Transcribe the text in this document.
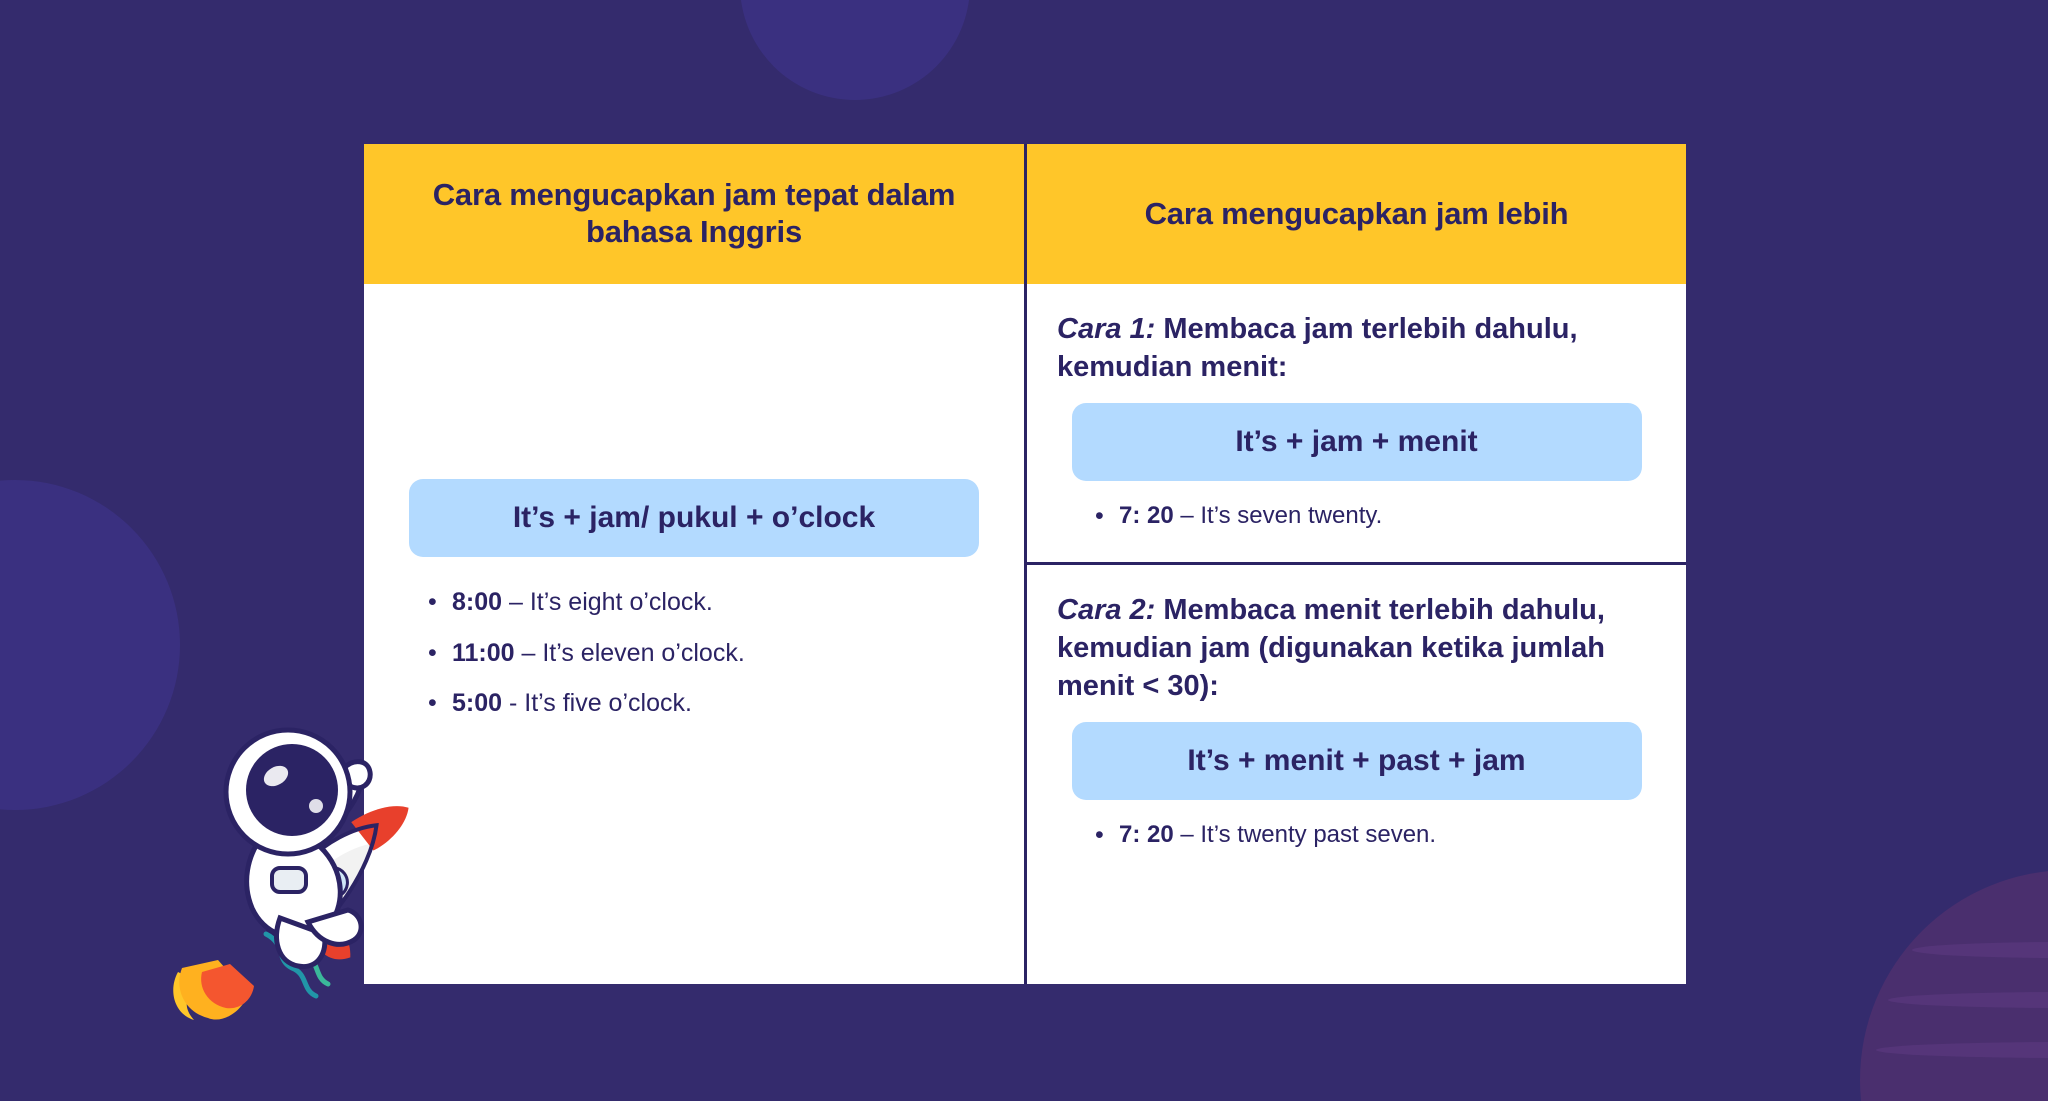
Cara mengucapkan jam tepat dalam bahasa Inggris
It’s + jam/ pukul + o’clock
• 8:00 – It’s eight o’clock.
• 11:00 – It’s eleven o’clock.
• 5:00 - It’s five o’clock.
Cara mengucapkan jam lebih
Cara 1: Membaca jam terlebih dahulu, kemudian menit:
It’s + jam + menit
• 7: 20 – It’s seven twenty.
Cara 2: Membaca menit terlebih dahulu, kemudian jam (digunakan ketika jumlah menit < 30):
It’s + menit + past + jam
• 7: 20 – It’s twenty past seven.
